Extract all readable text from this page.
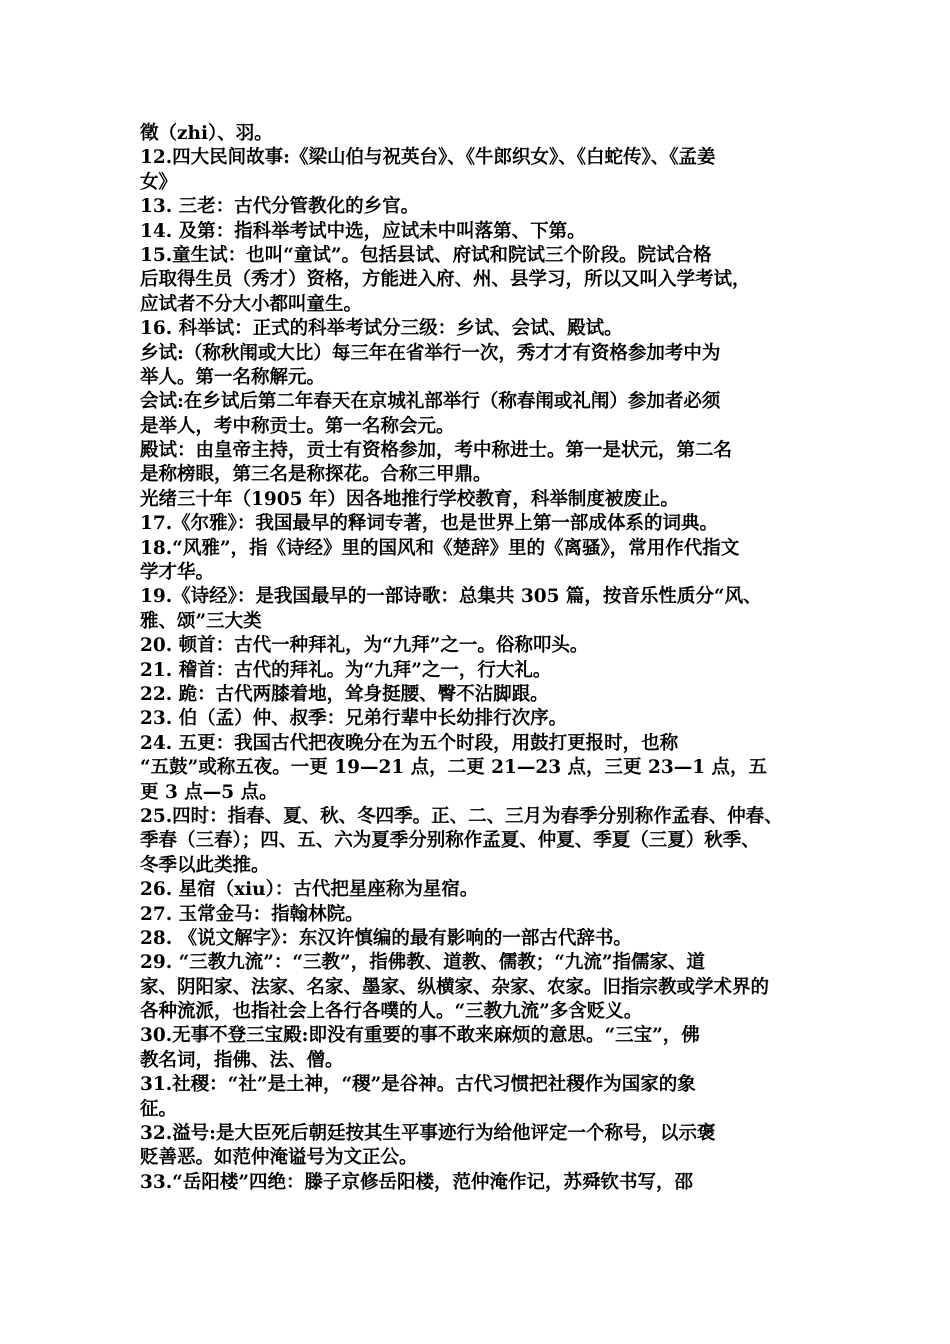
徵（zhi）、羽。
12.四大民间故事:《梁山伯与祝英台》、《牛郎织女》、《白蛇传》、《孟姜
女》
13. 三老：古代分管教化的乡官。
14. 及第：指科举考试中选，应试未中叫落第、下第。
15.童生试：也叫“童试”。包括县试、府试和院试三个阶段。院试合格
后取得生员（秀才）资格，方能进入府、州、县学习，所以又叫入学考试，
应试者不分大小都叫童生。
16. 科举试：正式的科举考试分三级：乡试、会试、殿试。
乡试:（称秋闱或大比）每三年在省举行一次，秀才才有资格参加考中为
举人。第一名称解元。
会试:在乡试后第二年春天在京城礼部举行（称春闱或礼闱）参加者必须
是举人，考中称贡士。第一名称会元。
殿试：由皇帝主持，贡士有资格参加，考中称进士。第一是状元，第二名
是称榜眼，第三名是称探花。合称三甲鼎。
光绪三十年（1905 年）因各地推行学校教育，科举制度被废止。
17.《尔雅》：我国最早的释词专著，也是世界上第一部成体系的词典。
18.“风雅”，指《诗经》里的国风和《楚辞》里的《离骚》，常用作代指文
学才华。
19.《诗经》：是我国最早的一部诗歌：总集共 305 篇，按音乐性质分“风、
雅、颂”三大类
20. 顿首：古代一种拜礼，为“九拜”之一。俗称叩头。
21. 稽首：古代的拜礼。为“九拜”之一，行大礼。
22. 跪：古代两膝着地，耸身挺腰、臀不沾脚跟。
23. 伯（孟）仲、叔季：兄弟行辈中长幼排行次序。
24. 五更：我国古代把夜晚分在为五个时段，用鼓打更报时，也称
“五鼓”或称五夜。一更 19—21 点，二更 21—23 点，三更 23—1 点，五
更 3 点—5 点。
25.四时：指春、夏、秋、冬四季。正、二、三月为春季分别称作孟春、仲春、
季春（三春）；四、五、六为夏季分别称作孟夏、仲夏、季夏（三夏）秋季、
冬季以此类推。
26. 星宿（xiu）：古代把星座称为星宿。
27. 玉常金马：指翰林院。
28. 《说文解字》：东汉许慎编的最有影响的一部古代辞书。
29. “三教九流”：“三教”，指佛教、道教、儒教；“九流”指儒家、道
家、阴阳家、法家、名家、墨家、纵横家、杂家、农家。旧指宗教或学术界的
各种流派，也指社会上各行各噗的人。“三教九流”多含贬义。
30.无事不登三宝殿:即没有重要的事不敢来麻烦的意思。“三宝”，佛
教名词，指佛、法、僧。
31.社稷：“社”是土神，“稷”是谷神。古代习惯把社稷作为国家的象
征。
32.溢号:是大臣死后朝廷按其生平事迹行为给他评定一个称号，以示褒
贬善恶。如范仲淹谥号为文正公。
33.“岳阳楼”四绝：滕子京修岳阳楼，范仲淹作记，苏舜钦书写，邵
